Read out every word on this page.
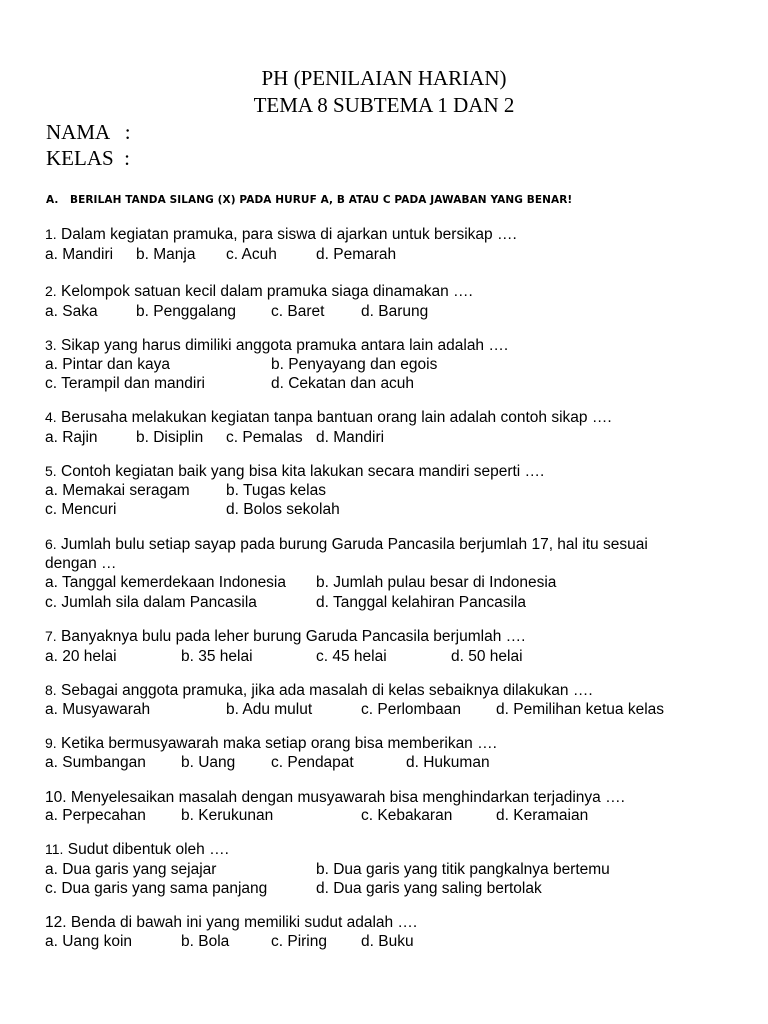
PH (PENILAIAN HARIAN)
TEMA 8 SUBTEMA 1 DAN 2
NAMA   :
KELAS  :
A. BERILAH TANDA SILANG (X) PADA HURUF A, B ATAU C PADA JAWABAN YANG BENAR!
1. Dalam kegiatan pramuka, para siswa di ajarkan untuk bersikap ….
a. Mandiri b. Manja c. Acuh	d. Pemarah
2. Kelompok satuan kecil dalam pramuka siaga dinamakan ….
a. Saka b. Penggalang c. Baret d. Barung
3. Sikap yang harus dimiliki anggota pramuka antara lain adalah ….
a. Pintar dan kaya	b. Penyayang dan egois
c. Terampil dan mandiri	d. Cekatan dan acuh
4. Berusaha melakukan kegiatan tanpa bantuan orang lain adalah contoh sikap ….
a. Rajin b. Disiplin c. Pemalas d. Mandiri
5. Contoh kegiatan baik yang bisa kita lakukan secara mandiri seperti ….
a. Memakai seragam b. Tugas kelas
c. Mencuri	d. Bolos sekolah
6. Jumlah bulu setiap sayap pada burung Garuda Pancasila berjumlah 17, hal itu sesuai
dengan …
a. Tanggal kemerdekaan Indonesia b. Jumlah pulau besar di Indonesia
c. Jumlah sila dalam Pancasila	d. Tanggal kelahiran Pancasila
7. Banyaknya bulu pada leher burung Garuda Pancasila berjumlah ….
a. 20 helai	b. 35 helai	c. 45 helai	d. 50 helai
8. Sebagai anggota pramuka, jika ada masalah di kelas sebaiknya dilakukan ….
a. Musyawarah	b. Adu mulut	c. Perlombaan d. Pemilihan ketua kelas
9. Ketika bermusyawarah maka setiap orang bisa memberikan ….
a. Sumbangan b. Uang c. Pendapat	d. Hukuman
10. Menyelesaikan masalah dengan musyawarah bisa menghindarkan terjadinya ….
a. Perpecahan b. Kerukunan	c. Kebakaran	d. Keramaian
11. Sudut dibentuk oleh ….
a. Dua garis yang sejajar	b. Dua garis yang titik pangkalnya bertemu
c. Dua garis yang sama panjang	d. Dua garis yang saling bertolak
12. Benda di bawah ini yang memiliki sudut adalah ….
a. Uang koin	b. Bola	c. Piring d. Buku
